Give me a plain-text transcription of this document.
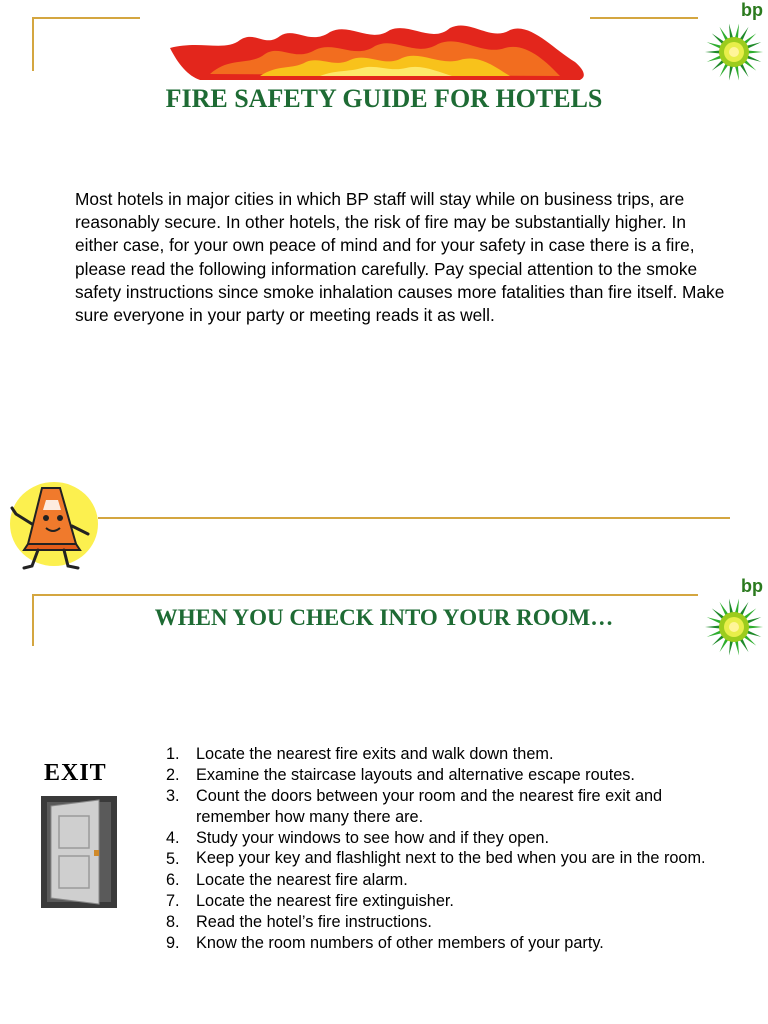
bp
FIRE SAFETY GUIDE FOR HOTELS

Most hotels in major cities in which BP staff will stay while on business trips, are reasonably secure. In other hotels, the risk of fire may be substantially higher. In either case, for your own peace of mind and for your safety in case there is a fire, please read the following information carefully. Pay special attention to the smoke safety instructions since smoke inhalation causes more fatalities than fire itself. Make sure everyone in your party or meeting reads it as well.

bp
WHEN YOU CHECK INTO YOUR ROOM…
EXIT
1.	Locate the nearest fire exits and walk down them.
2.	Examine the staircase layouts and alternative escape routes.
3.	Count the doors between your room and the nearest fire exit and remember how many there are.
4.	Study your windows to see how and if they open.
5.	Keep your key and flashlight next to the bed when you are in the room.
6.	Locate the nearest fire alarm.
7.	Locate the nearest fire extinguisher.
8.	Read the hotel’s fire instructions.
9.	Know the room numbers of other members of your party.
